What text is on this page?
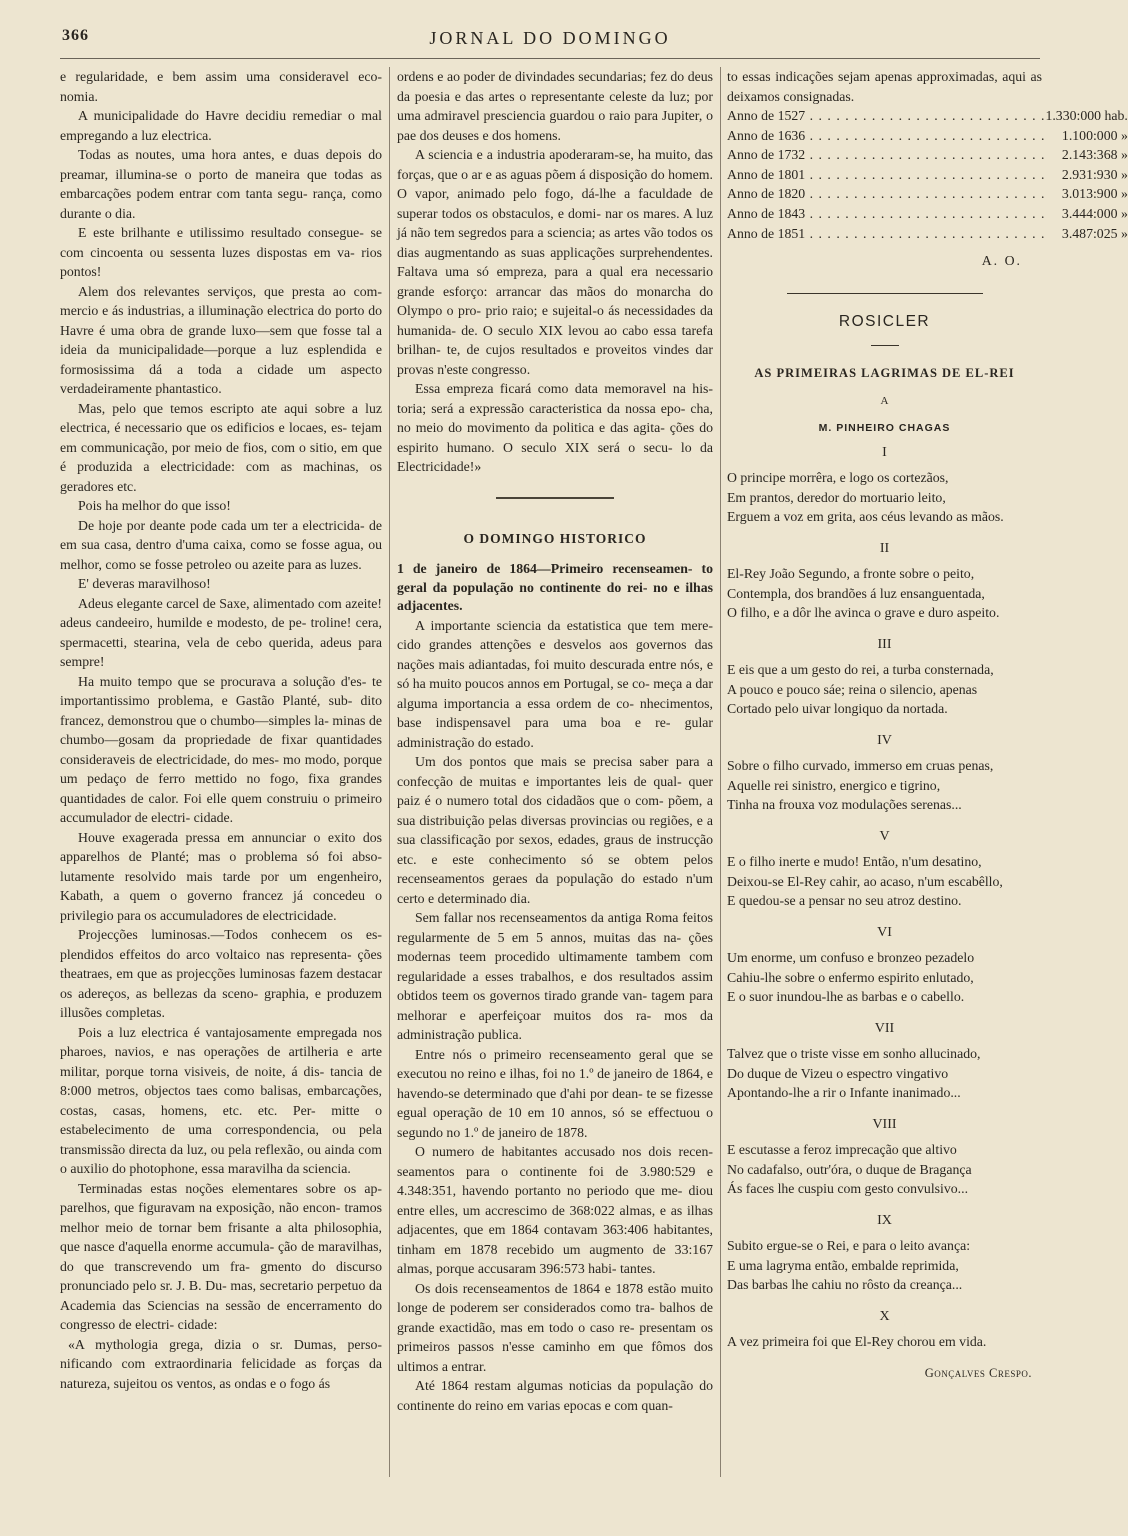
366	JORNAL DO DOMINGO

e regularidade, e bem assim uma consideravel eco- nomia.

A municipalidade do Havre decidiu remediar o mal empregando a luz electrica.

Todas as noutes, uma hora antes, e duas depois do preamar, illumina-se o porto de maneira que todas as embarcações podem entrar com tanta segu- rança, como durante o dia.

E este brilhante e utilissimo resultado consegue- se com cincoenta ou sessenta luzes dispostas em va- rios pontos!

Alem dos relevantes serviços, que presta ao com- mercio e ás industrias, a illuminação electrica do porto do Havre é uma obra de grande luxo—sem que fosse tal a ideia da municipalidade—porque a luz esplendida e formosissima dá a toda a cidade um aspecto verdadeiramente phantastico.

Mas, pelo que temos escripto ate aqui sobre a luz electrica, é necessario que os edificios e locaes, es- tejam em communicação, por meio de fios, com o sitio, em que é produzida a electricidade: com as machinas, os geradores etc.

Pois ha melhor do que isso!

De hoje por deante pode cada um ter a electricida- de em sua casa, dentro d'uma caixa, como se fosse agua, ou melhor, como se fosse petroleo ou azeite para as luzes.

E' deveras maravilhoso!

Adeus elegante carcel de Saxe, alimentado com azeite! adeus candeeiro, humilde e modesto, de pe- troline! cera, spermacetti, stearina, vela de cebo querida, adeus para sempre!

Ha muito tempo que se procurava a solução d'es- te importantissimo problema, e Gastão Planté, sub- dito francez, demonstrou que o chumbo—simples la- minas de chumbo—gosam da propriedade de fixar quantidades consideraveis de electricidade, do mes- mo modo, porque um pedaço de ferro mettido no fogo, fixa grandes quantidades de calor. Foi elle quem construiu o primeiro accumulador de electri- cidade.

Houve exagerada pressa em annunciar o exito dos apparelhos de Planté; mas o problema só foi abso- lutamente resolvido mais tarde por um engenheiro, Kabath, a quem o governo francez já concedeu o privilegio para os accumuladores de electricidade.

Projecções luminosas.—Todos conhecem os es- plendidos effeitos do arco voltaico nas representa- ções theatraes, em que as projecções luminosas fazem destacar os adereços, as bellezas da sceno- graphia, e produzem illusões completas.

Pois a luz electrica é vantajosamente empregada nos pharoes, navios, e nas operações de artilheria e arte militar, porque torna visiveis, de noite, á dis- tancia de 8:000 metros, objectos taes como balisas, embarcações, costas, casas, homens, etc. etc. Per- mitte o estabelecimento de uma correspondencia, ou pela transmissão directa da luz, ou pela reflexão, ou ainda com o auxilio do photophone, essa maravilha da sciencia.

Terminadas estas noções elementares sobre os ap- parelhos, que figuravam na exposição, não encon- tramos melhor meio de tornar bem frisante a alta philosophia, que nasce d'aquella enorme accumula- ção de maravilhas, do que transcrevendo um fra- gmento do discurso pronunciado pelo sr. J. B. Du- mas, secretario perpetuo da Academia das Sciencias na sessão de encerramento do congresso de electri- cidade:

«A mythologia grega, dizia o sr. Dumas, perso- nificando com extraordinaria felicidade as forças da natureza, sujeitou os ventos, as ondas e o fogo ás

ordens e ao poder de divindades secundarias; fez do deus da poesia e das artes o representante celeste da luz; por uma admiravel presciencia guardou o raio para Jupiter, o pae dos deuses e dos homens.

A sciencia e a industria apoderaram-se, ha muito, das forças, que o ar e as aguas põem á disposição do homem. O vapor, animado pelo fogo, dá-lhe a faculdade de superar todos os obstaculos, e domi- nar os mares. A luz já não tem segredos para a sciencia; as artes vão todos os dias augmentando as suas applicações surprehendentes. Faltava uma só empreza, para a qual era necessario grande esforço: arrancar das mãos do monarcha do Olympo o pro- prio raio; e sujeital-o ás necessidades da humanida- de. O seculo XIX levou ao cabo essa tarefa brilhan- te, de cujos resultados e proveitos vindes dar provas n'este congresso.

Essa empreza ficará como data memoravel na his- toria; será a expressão caracteristica da nossa epo- cha, no meio do movimento da politica e das agita- ções do espirito humano. O seculo XIX será o secu- lo da Electricidade!»

O DOMINGO HISTORICO

1 de janeiro de 1864—Primeiro recenseamen- to geral da população no continente do rei- no e ilhas adjacentes.

A importante sciencia da estatistica que tem mere- cido grandes attenções e desvelos aos governos das nações mais adiantadas, foi muito descurada entre nós, e só ha muito poucos annos em Portugal, se co- meça a dar alguma importancia a essa ordem de co- nhecimentos, base indispensavel para uma boa e re- gular administração do estado.

Um dos pontos que mais se precisa saber para a confecção de muitas e importantes leis de qual- quer paiz é o numero total dos cidadãos que o com- põem, a sua distribuição pelas diversas provincias ou regiões, e a sua classificação por sexos, edades, graus de instrucção etc. e este conhecimento só se obtem pelos recenseamentos geraes da população do estado n'um certo e determinado dia.

Sem fallar nos recenseamentos da antiga Roma feitos regularmente de 5 em 5 annos, muitas das na- ções modernas teem procedido ultimamente tambem com regularidade a esses trabalhos, e dos resultados assim obtidos teem os governos tirado grande van- tagem para melhorar e aperfeiçoar muitos dos ra- mos da administração publica.

Entre nós o primeiro recenseamento geral que se executou no reino e ilhas, foi no 1.º de janeiro de 1864, e havendo-se determinado que d'ahi por dean- te se fizesse egual operação de 10 em 10 annos, só se effectuou o segundo no 1.º de janeiro de 1878.

O numero de habitantes accusado nos dois recen- seamentos para o continente foi de 3.980:529 e 4.348:351, havendo portanto no periodo que me- diou entre elles, um accrescimo de 368:022 almas, e as ilhas adjacentes, que em 1864 contavam 363:406 habitantes, tinham em 1878 recebido um augmento de 33:167 almas, porque accusaram 396:573 habi- tantes.

Os dois recenseamentos de 1864 e 1878 estão muito longe de poderem ser considerados como tra- balhos de grande exactidão, mas em todo o caso re- presentam os primeiros passos n'esse caminho em que fômos dos ultimos a entrar.

Até 1864 restam algumas noticias da população do continente do reino em varias epocas e com quan-

to essas indicações sejam apenas approximadas, aqui as deixamos consignadas.

Anno de 1527 . . .	1.330:000 hab.
Anno de 1636 . . .	1.100:000 »
Anno de 1732 . . .	2.143:368 »
Anno de 1801 . . .	2.931:930 »
Anno de 1820 . . .	3.013:900 »
Anno de 1843 . . .	3.444:000 »
Anno de 1851 . . .	3.487:025 »
A. O.
ROSICLER
AS PRIMEIRAS LAGRIMAS DE EL-REI
A
M. PINHEIRO CHAGAS
I
O principe morrêra, e logo os cortezãos,
Em prantos, deredor do mortuario leito,
Erguem a voz em grita, aos céus levando as mãos.
II
El-Rey João Segundo, a fronte sobre o peito,
Contempla, dos brandões á luz ensanguentada,
O filho, e a dôr lhe avinca o grave e duro aspeito.
III
E eis que a um gesto do rei, a turba consternada,
A pouco e pouco sáe; reina o silencio, apenas
Cortado pelo uivar longiquo da nortada.
IV
Sobre o filho curvado, immerso em cruas penas,
Aquelle rei sinistro, energico e tigrino,
Tinha na frouxa voz modulações serenas...
V
E o filho inerte e mudo! Então, n'um desatino,
Deixou-se El-Rey cahir, ao acaso, n'um escabêllo,
E quedou-se a pensar no seu atroz destino.
VI
Um enorme, um confuso e bronzeo pezadelo
Cahiu-lhe sobre o enfermo espirito enlutado,
E o suor inundou-lhe as barbas e o cabello.
VII
Talvez que o triste visse em sonho allucinado,
Do duque de Vizeu o espectro vingativo
Apontando-lhe a rir o Infante inanimado...
VIII
E escutasse a feroz imprecação que altivo
No cadafalso, outr'óra, o duque de Bragança
Ás faces lhe cuspiu com gesto convulsivo...
IX
Subito ergue-se o Rei, e para o leito avança:
E uma lagryma então, embalde reprimida,
Das barbas lhe cahiu no rôsto da creança...
X
A vez primeira foi que El-Rey chorou em vida.
Gonçalves Crespo.
